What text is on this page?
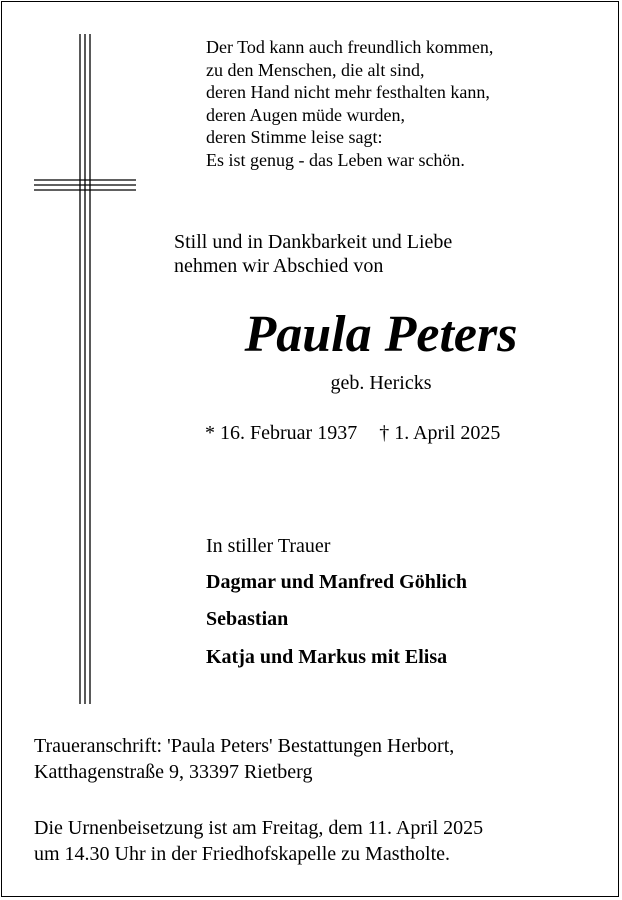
Der Tod kann auch freundlich kommen,
zu den Menschen, die alt sind,
deren Hand nicht mehr festhalten kann,
deren Augen müde wurden,
deren Stimme leise sagt:
Es ist genug - das Leben war schön.
Still und in Dankbarkeit und Liebe
nehmen wir Abschied von
Paula Peters
geb. Hericks
* 16. Februar 1937 † 1. April 2025
In stiller Trauer
Dagmar und Manfred Göhlich
Sebastian
Katja und Markus mit Elisa
Traueranschrift: 'Paula Peters' Bestattungen Herbort,
Katthagenstraße 9, 33397 Rietberg
Die Urnenbeisetzung ist am Freitag, dem 11. April 2025
um 14.30 Uhr in der Friedhofskapelle zu Mastholte.
